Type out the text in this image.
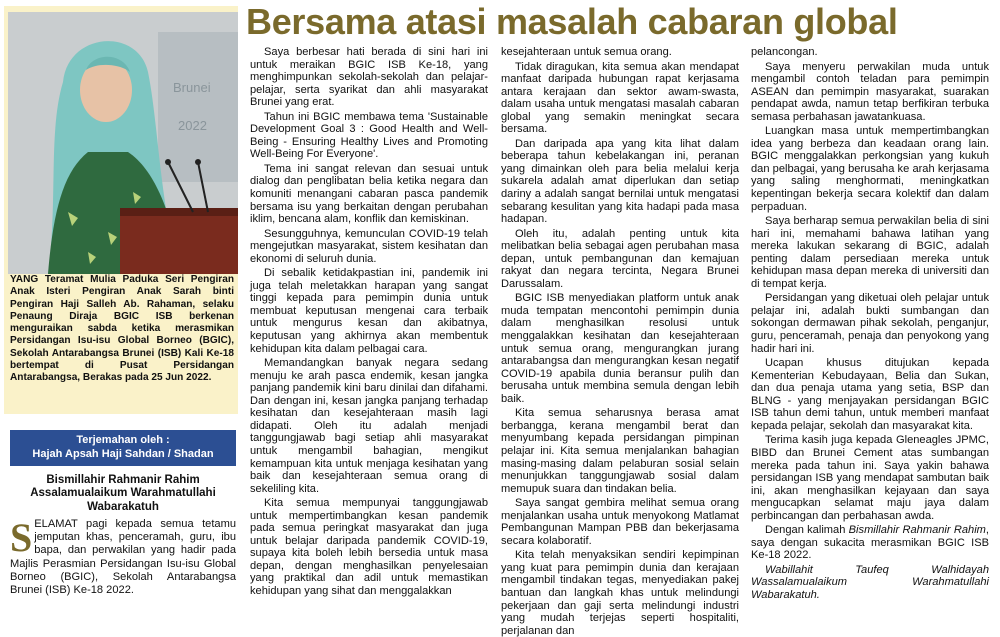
Bersama atasi masalah cabaran global
Brunei
2022
YANG Teramat Mulia Paduka Seri Pengiran Anak Isteri Pengiran Anak Sarah binti Pengiran Haji Salleh Ab. Rahaman, selaku Penaung Diraja BGIC ISB berkenan menguraikan sabda ketika merasmikan Persidangan Isu-isu Global Borneo (BGIC), Sekolah Antarabangsa Brunei (ISB) Kali Ke-18 bertempat di Pusat Persidangan Antarabangsa, Berakas pada 25 Jun 2022.
Terjemahan oleh :
Hajah Apsah Haji Sahdan / Shadan
Bismillahir Rahmanir Rahim
Assalamualaikum Warahmatullahi
Wabarakatuh
SELAMAT pagi kepada semua tetamu jemputan khas, penceramah, guru, ibu bapa, dan perwakilan yang hadir pada Majlis Perasmian Persidangan Isu-isu Global Borneo (BGIC), Sekolah Antarabangsa Brunei (ISB) Ke-18 2022.

Saya berbesar hati berada di sini hari ini untuk meraikan BGIC ISB Ke-18, yang menghimpunkan sekolah-sekolah dan pelajar-pelajar, serta syarikat dan ahli masyarakat Brunei yang erat.

Tahun ini BGIC membawa tema 'Sustainable Development Goal 3 : Good Health and Well-Being - Ensuring Healthy Lives and Promoting Well-Being For Everyone'.

Tema ini sangat relevan dan sesuai untuk dialog dan penglibatan belia ketika negara dan komuniti menangani cabaran pasca pandemik bersama isu yang berkaitan dengan perubahan iklim, bencana alam, konflik dan kemiskinan.

Sesungguhnya, kemunculan COVID-19 telah mengejutkan masyarakat, sistem kesihatan dan ekonomi di seluruh dunia.

Di sebalik ketidakpastian ini, pandemik ini juga telah meletakkan harapan yang sangat tinggi kepada para pemimpin dunia untuk membuat keputusan mengenai cara terbaik untuk mengurus kesan dan akibatnya, keputusan yang akhirnya akan membentuk kehidupan kita dalam pelbagai cara.

Memandangkan banyak negara sedang menuju ke arah pasca endemik, kesan jangka panjang pandemik kini baru dinilai dan difahami. Dan dengan ini, kesan jangka panjang terhadap kesihatan dan kesejahteraan masih lagi didapati. Oleh itu adalah menjadi tanggungjawab bagi setiap ahli masyarakat untuk mengambil bahagian, mengikut kemampuan kita untuk menjaga kesihatan yang baik dan kesejahteraan semua orang di sekeliling kita.

Kita semua mempunyai tanggungjawab untuk mempertimbangkan kesan pandemik pada semua peringkat masyarakat dan juga untuk belajar daripada pandemik COVID-19, supaya kita boleh lebih bersedia untuk masa depan, dengan menghasilkan penyelesaian yang praktikal dan adil untuk memastikan kehidupan yang sihat dan menggalakkan

kesejahteraan untuk semua orang.

Tidak diragukan, kita semua akan mendapat manfaat daripada hubungan rapat kerjasama antara kerajaan dan sektor awam-swasta, dalam usaha untuk mengatasi masalah cabaran global yang semakin meningkat secara bersama.

Dan daripada apa yang kita lihat dalam beberapa tahun kebelakangan ini, peranan yang dimainkan oleh para belia melalui kerja sukarela adalah amat diperlukan dan setiap dariny a adalah sangat bernilai untuk mengatasi sebarang kesulitan yang kita hadapi pada masa hadapan.

Oleh itu, adalah penting untuk kita melibatkan belia sebagai agen perubahan masa depan, untuk pembangunan dan kemajuan rakyat dan negara tercinta, Negara Brunei Darussalam.

BGIC ISB menyediakan platform untuk anak muda tempatan mencontohi pemimpin dunia dalam menghasilkan resolusi untuk menggalakkan kesihatan dan kesejahteraan untuk semua orang, mengurangkan jurang antarabangsa dan mengurangkan kesan negatif COVID-19 apabila dunia beransur pulih dan berusaha untuk membina semula dengan lebih baik.

Kita semua seharusnya berasa amat berbangga, kerana mengambil berat dan menyumbang kepada persidangan pimpinan pelajar ini. Kita semua menjalankan bahagian masing-masing dalam pelaburan sosial selain menunjukkan tanggungjawab sosial dalam memupuk suara dan tindakan belia.

Saya sangat gembira melihat semua orang menjalankan usaha untuk menyokong Matlamat Pembangunan Mampan PBB dan bekerjasama secara kolaboratif.

Kita telah menyaksikan sendiri kepimpinan yang kuat para pemimpin dunia dan kerajaan mengambil tindakan tegas, menyediakan pakej bantuan dan langkah khas untuk melindungi pekerjaan dan gaji serta melindungi industri yang mudah terjejas seperti hospitaliti, perjalanan dan

pelancongan.

Saya menyeru perwakilan muda untuk mengambil contoh teladan para pemimpin ASEAN dan pemimpin masyarakat, suarakan pendapat awda, namun tetap berfikiran terbuka semasa perbahasan jawatankuasa.

Luangkan masa untuk mempertimbangkan idea yang berbeza dan keadaan orang lain. BGIC menggalakkan perkongsian yang kukuh dan pelbagai, yang berusaha ke arah kerjasama yang saling menghormati, meningkatkan kepentingan bekerja secara kolektif dan dalam perpaduan.

Saya berharap semua perwakilan belia di sini hari ini, memahami bahawa latihan yang mereka lakukan sekarang di BGIC, adalah penting dalam persediaan mereka untuk kehidupan masa depan mereka di universiti dan di tempat kerja.

Persidangan yang diketuai oleh pelajar untuk pelajar ini, adalah bukti sumbangan dan sokongan dermawan pihak sekolah, penganjur, guru, penceramah, penaja dan penyokong yang hadir hari ini.

Ucapan khusus ditujukan kepada Kementerian Kebudayaan, Belia dan Sukan, dan dua penaja utama yang setia, BSP dan BLNG - yang menjayakan persidangan BGIC ISB tahun demi tahun, untuk memberi manfaat kepada pelajar, sekolah dan masyarakat kita.

Terima kasih juga kepada Gleneagles JPMC, BIBD dan Brunei Cement atas sumbangan mereka pada tahun ini. Saya yakin bahawa persidangan ISB yang mendapat sambutan baik ini, akan menghasilkan kejayaan dan saya mengucapkan selamat maju jaya dalam perbincangan dan perbahasan awda.

Dengan kalimah Bismillahir Rahmanir Rahim, saya dengan sukacita merasmikan BGIC ISB Ke-18 2022.

Wabillahit	Taufeq	Walhidayah
Wassalamualaikum	Warahmatullahi
Wabarakatuh.
